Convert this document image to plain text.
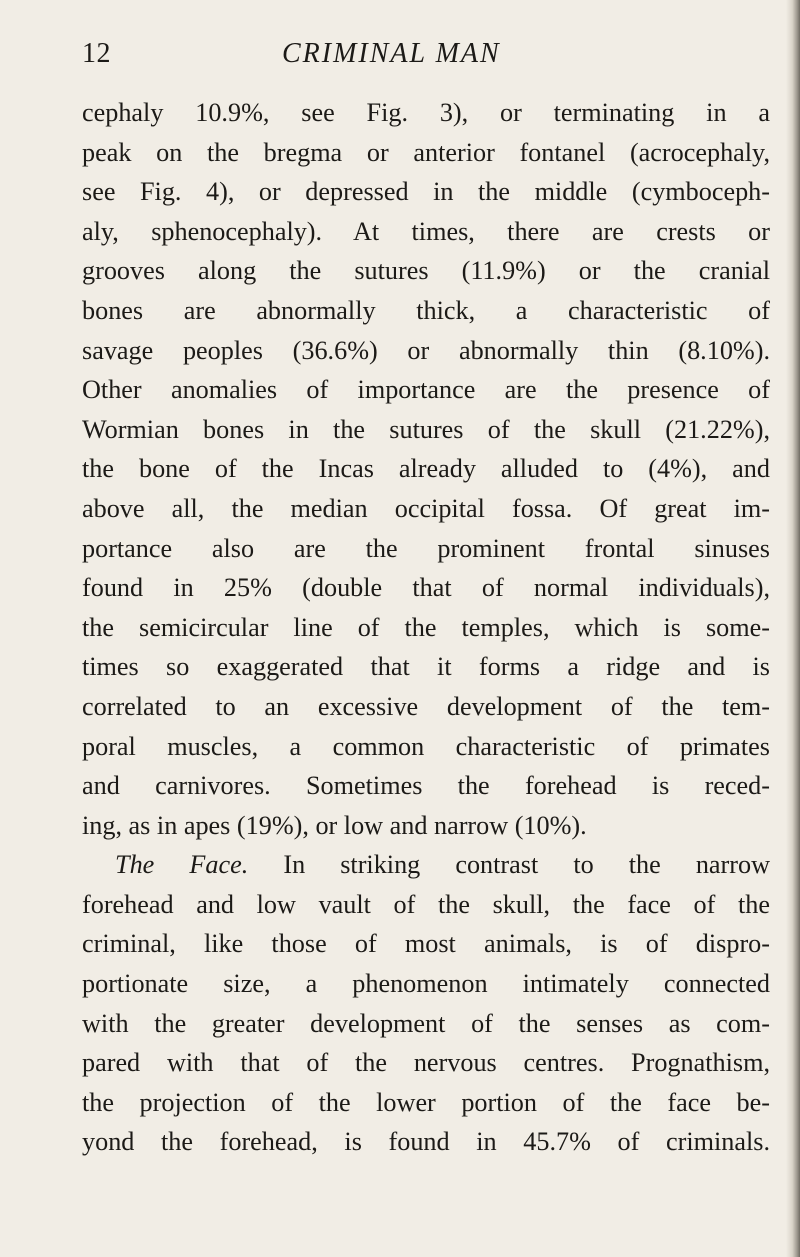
12	CRIMINAL MAN
cephaly 10.9%, see Fig. 3), or terminating in a
peak on the bregma or anterior fontanel (acrocephaly,
see Fig. 4), or depressed in the middle (cymboceph-
aly, sphenocephaly). At times, there are crests or
grooves along the sutures (11.9%) or the cranial
bones are abnormally thick, a characteristic of
savage peoples (36.6%) or abnormally thin (8.10%).
Other anomalies of importance are the presence of
Wormian bones in the sutures of the skull (21.22%),
the bone of the Incas already alluded to (4%), and
above all, the median occipital fossa. Of great im-
portance also are the prominent frontal sinuses
found in 25% (double that of normal individuals),
the semicircular line of the temples, which is some-
times so exaggerated that it forms a ridge and is
correlated to an excessive development of the tem-
poral muscles, a common characteristic of primates
and carnivores. Sometimes the forehead is reced-
ing, as in apes (19%), or low and narrow (10%).
The Face. In striking contrast to the narrow
forehead and low vault of the skull, the face of the
criminal, like those of most animals, is of dispro-
portionate size, a phenomenon intimately connected
with the greater development of the senses as com-
pared with that of the nervous centres. Prognathism,
the projection of the lower portion of the face be-
yond the forehead, is found in 45.7% of criminals.
